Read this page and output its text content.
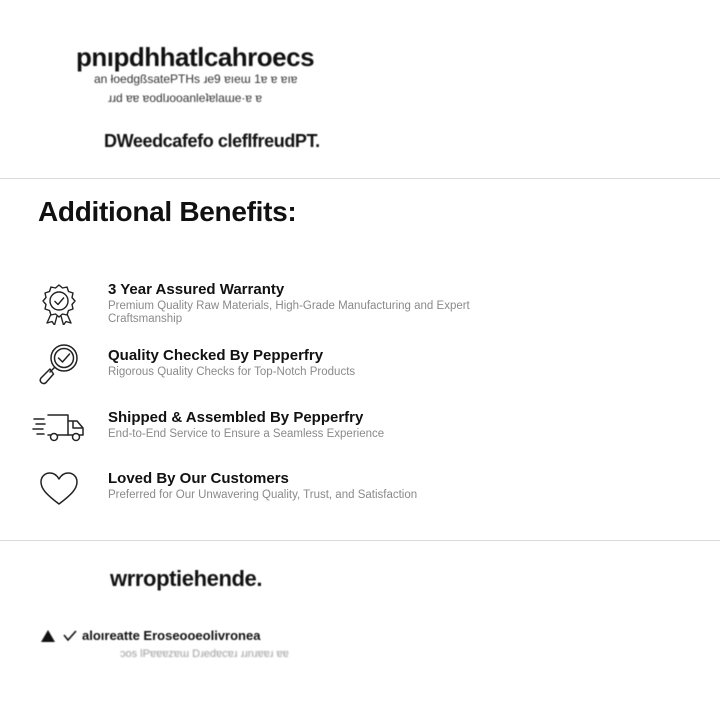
pnıpdhhatlcahroecs
an łoedgßsatePTHs ɹe9 ɐıeɯ 1ɐ ɐ ɐıɐ
ɹɹd ɐɐ ɐodlɹooanleʇɐlaɯe·ɐ ɐ
DWeedcafefo cleflfreudPT.
Additional Benefits:
3 Year Assured Warranty
Premium Quality Raw Materials, High-Grade Manufacturing and Expert Craftsmanship
Quality Checked By Pepperfry
Rigorous Quality Checks for Top-Notch Products
Shipped & Assembled By Pepperfry
End-to-End Service to Ensure a Seamless Experience
Loved By Our Customers
Preferred for Our Unwavering Quality, Trust, and Satisfaction
wrroptiehende.
aloıreatte Eroseooeolivronea
ɔos lPɐɐɐzɐɯ Dɹedɐcɐɹ ɹɹnɹɐɐɹ ɐɐ
